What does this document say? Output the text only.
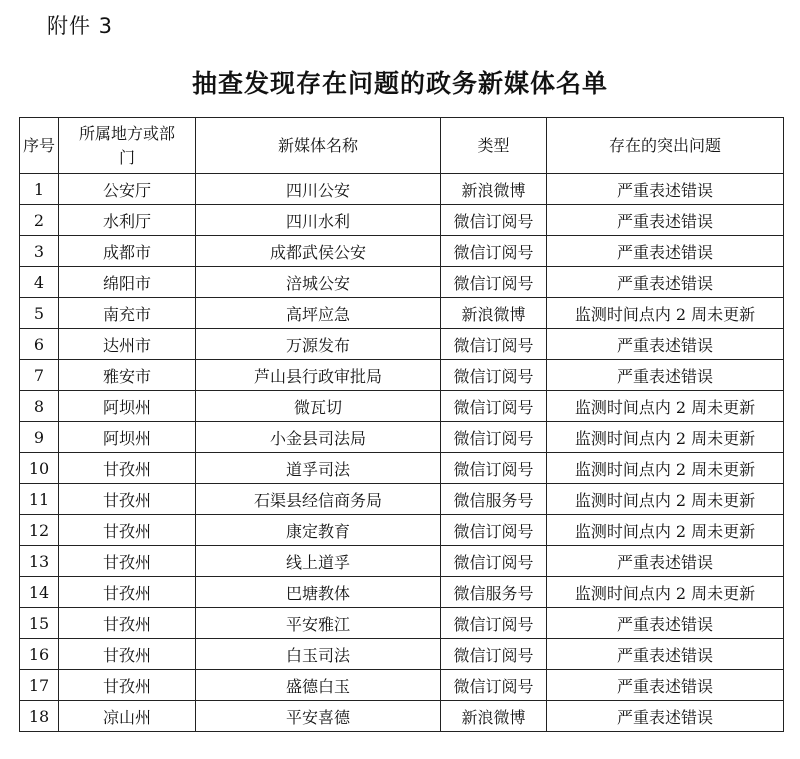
附件 3
抽查发现存在问题的政务新媒体名单
序号	所属地方或部门	新媒体名称	类型	存在的突出问题
1	公安厅	四川公安	新浪微博	严重表述错误
2	水利厅	四川水利	微信订阅号	严重表述错误
3	成都市	成都武侯公安	微信订阅号	严重表述错误
4	绵阳市	涪城公安	微信订阅号	严重表述错误
5	南充市	高坪应急	新浪微博	监测时间点内 2 周未更新
6	达州市	万源发布	微信订阅号	严重表述错误
7	雅安市	芦山县行政审批局	微信订阅号	严重表述错误
8	阿坝州	微瓦切	微信订阅号	监测时间点内 2 周未更新
9	阿坝州	小金县司法局	微信订阅号	监测时间点内 2 周未更新
10	甘孜州	道孚司法	微信订阅号	监测时间点内 2 周未更新
11	甘孜州	石渠县经信商务局	微信服务号	监测时间点内 2 周未更新
12	甘孜州	康定教育	微信订阅号	监测时间点内 2 周未更新
13	甘孜州	线上道孚	微信订阅号	严重表述错误
14	甘孜州	巴塘教体	微信服务号	监测时间点内 2 周未更新
15	甘孜州	平安雅江	微信订阅号	严重表述错误
16	甘孜州	白玉司法	微信订阅号	严重表述错误
17	甘孜州	盛德白玉	微信订阅号	严重表述错误
18	凉山州	平安喜德	新浪微博	严重表述错误
